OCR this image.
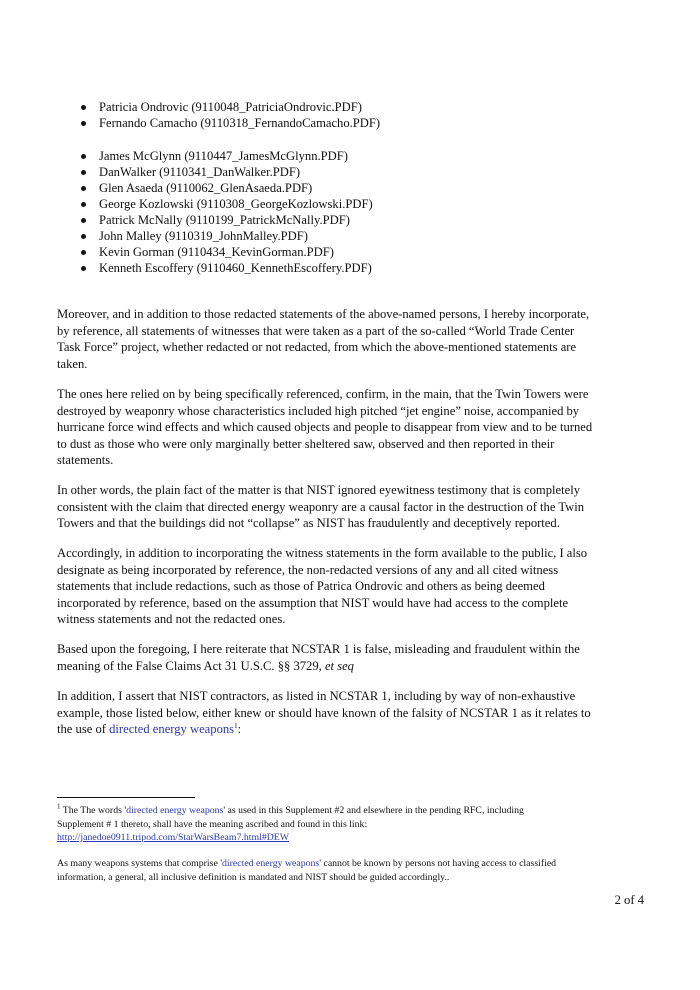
Patricia Ondrovic (9110048_PatriciaOndrovic.PDF)
Fernando Camacho (9110318_FernandoCamacho.PDF)
James McGlynn (9110447_JamesMcGlynn.PDF)
DanWalker (9110341_DanWalker.PDF)
Glen Asaeda (9110062_GlenAsaeda.PDF)
George Kozlowski (9110308_GeorgeKozlowski.PDF)
Patrick McNally (9110199_PatrickMcNally.PDF)
John Malley (9110319_JohnMalley.PDF)
Kevin Gorman (9110434_KevinGorman.PDF)
Kenneth Escoffery (9110460_KennethEscoffery.PDF)

Moreover, and in addition to those redacted statements of the above-named persons, I hereby incorporate,
by reference, all statements of witnesses that were taken as a part of the so-called “World Trade Center
Task Force” project, whether redacted or not redacted, from which the above-mentioned statements are
taken.

The ones here relied on by being specifically referenced, confirm, in the main, that the Twin Towers were
destroyed by weaponry whose characteristics included high pitched “jet engine” noise, accompanied by
hurricane force wind effects and which caused objects and people to disappear from view and to be turned
to dust as those who were only marginally better sheltered saw, observed and then reported in their
statements.

In other words, the plain fact of the matter is that NIST ignored eyewitness testimony that is completely
consistent with the claim that directed energy weaponry are a causal factor in the destruction of the Twin
Towers and that the buildings did not “collapse” as NIST has fraudulently and deceptively reported.

Accordingly, in addition to incorporating the witness statements in the form available to the public, I also
designate as being incorporated by reference, the non-redacted versions of any and all cited witness
statements that include redactions, such as those of Patrica Ondrovic and others as being deemed
incorporated by reference, based on the assumption that NIST would have had access to the complete
witness statements and not the redacted ones.

Based upon the foregoing, I here reiterate that NCSTAR 1 is false, misleading and fraudulent within the
meaning of the False Claims Act 31 U.S.C. §§ 3729, et seq

In addition, I assert that NIST contractors, as listed in NCSTAR 1, including by way of non-exhaustive
example, those listed below, either knew or should have known of the falsity of NCSTAR 1 as it relates to
the use of directed energy weapons$^1$:

$^1$ The The words 'directed energy weapons' as used in this Supplement #2 and elsewhere in the pending RFC, including
Supplement # 1 thereto, shall have the meaning ascribed and found in this link:
http://janedoe0911.tripod.com/StarWarsBeam7.html#DEW

As many weapons systems that comprise 'directed energy weapons' cannot be known by persons not having access to classified
information, a general, all inclusive definition is mandated and NIST should be guided accordingly..

2 of 4
